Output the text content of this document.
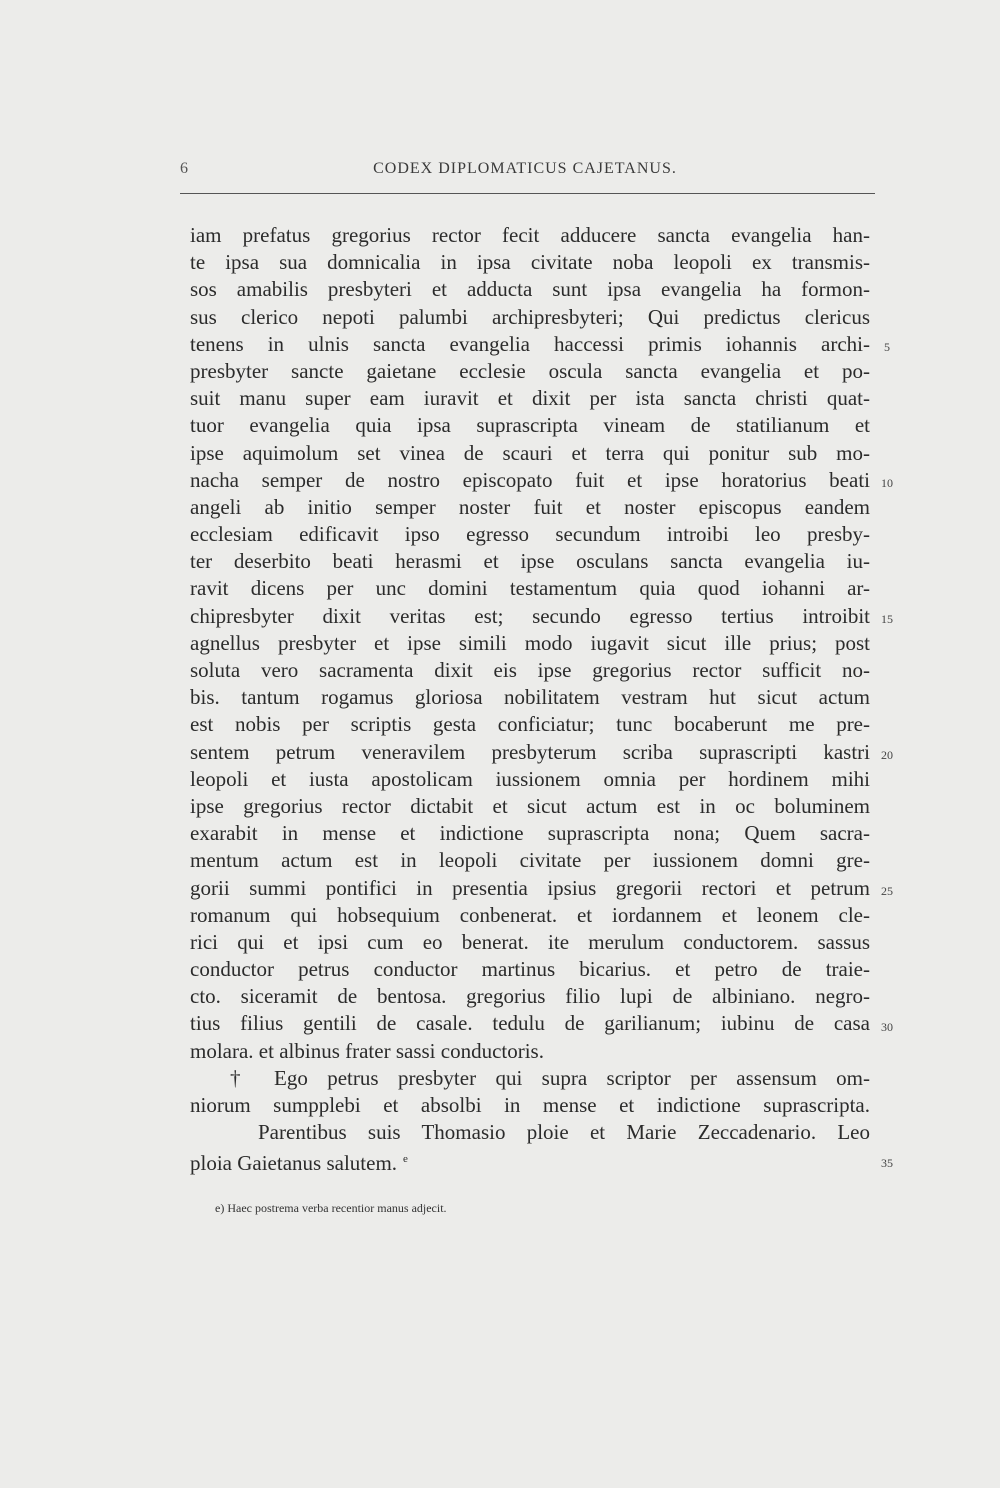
6	CODEX DIPLOMATICUS CAJETANUS.
iam prefatus gregorius rector fecit adducere sancta evangelia han-
te ipsa sua domnicalia in ipsa civitate noba leopoli ex transmis-
sos amabilis presbyteri et adducta sunt ipsa evangelia ha formon-
sus clerico nepoti palumbi archipresbyteri; Qui predictus clericus
tenens in ulnis sancta evangelia haccessi primis iohannis archi-
presbyter sancte gaietane ecclesie oscula sancta evangelia et po-
suit manu super eam iuravit et dixit per ista sancta christi quat-
tuor evangelia quia ipsa suprascripta vineam de statilianum et
ipse aquimolum set vinea de scauri et terra qui ponitur sub mo-
nacha semper de nostro episcopato fuit et ipse horatorius beati
angeli ab initio semper noster fuit et noster episcopus eandem
ecclesiam edificavit ipso egresso secundum introibi leo presby-
ter deserbito beati herasmi et ipse osculans sancta evangelia iu-
ravit dicens per unc domini testamentum quia quod iohanni ar-
chipresbyter dixit veritas est; secundo egresso tertius introibit
agnellus presbyter et ipse simili modo iugavit sicut ille prius; post
soluta vero sacramenta dixit eis ipse gregorius rector sufficit no-
bis. tantum rogamus gloriosa nobilitatem vestram hut sicut actum
est nobis per scriptis gesta conficiatur; tunc bocaberunt me pre-
sentem petrum veneravilem presbyterum scriba suprascripti kastri
leopoli et iusta apostolicam iussionem omnia per hordinem mihi
ipse gregorius rector dictabit et sicut actum est in oc boluminem
exarabit in mense et indictione suprascripta nona; Quem sacra-
mentum actum est in leopoli civitate per iussionem domni gre-
gorii summi pontifici in presentia ipsius gregorii rectori et petrum
romanum qui hobsequium conbenerat. et iordannem et leonem cle-
rici qui et ipsi cum eo benerat. ite merulum conductorem. sassus
conductor petrus conductor martinus bicarius. et petro de traie-
cto. siceramit de bentosa. gregorius filio lupi de albiniano. negro-
tius filius gentili de casale. tedulu de garilianum; iubinu de casa
molara. et albinus frater sassi conductoris.
† Ego petrus presbyter qui supra scriptor per assensum om-
niorum sumpplebi et absolbi in mense et indictione suprascripta.
Parentibus suis Thomasio ploie et Marie Zeccadenario. Leo
ploia Gaietanus salutem. $^e$
5
10
15
20
25
30
35
e) Haec postrema verba recentior manus adjecit.
